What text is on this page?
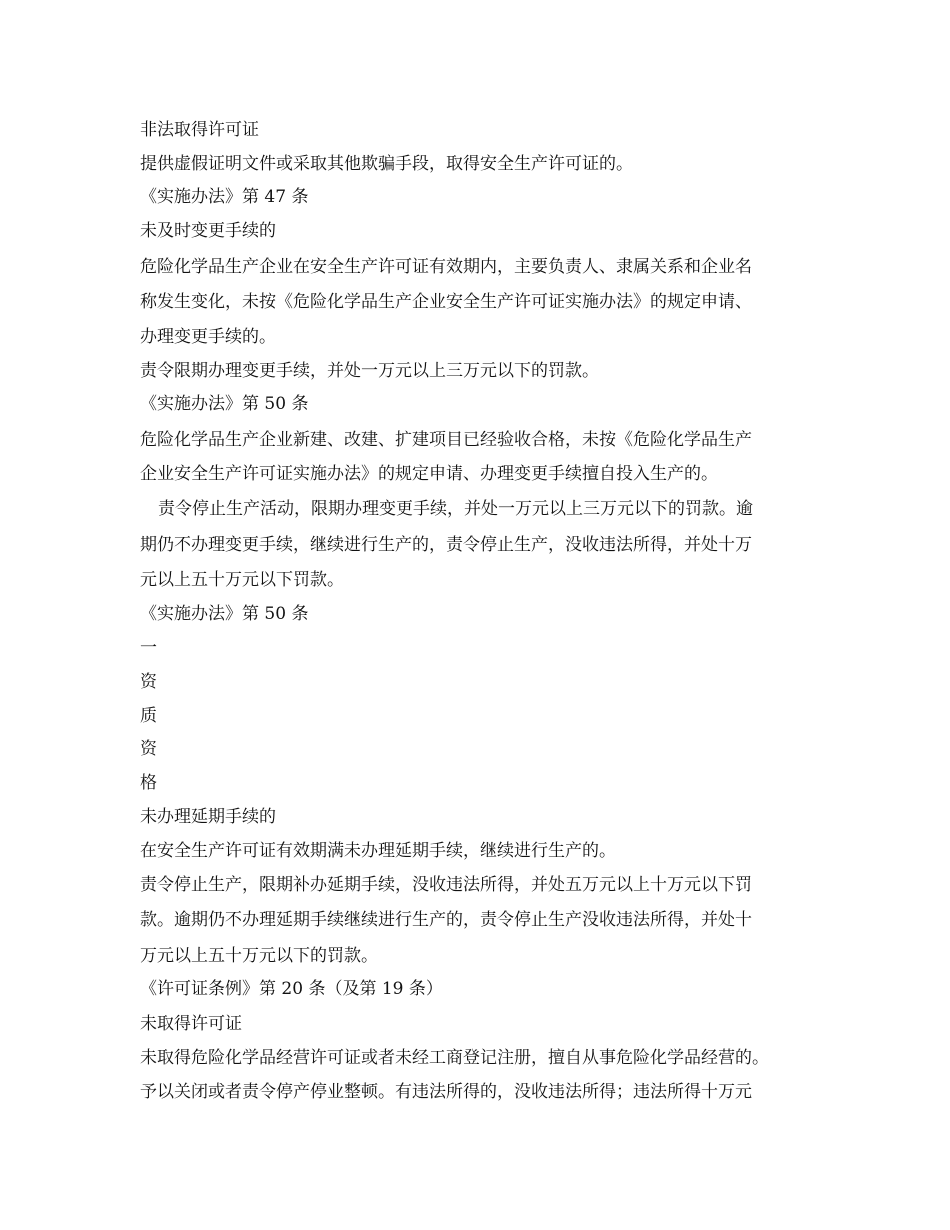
非法取得许可证
提供虚假证明文件或采取其他欺骗手段，取得安全生产许可证的。
《实施办法》第 47 条
未及时变更手续的
危险化学品生产企业在安全生产许可证有效期内，主要负责人、隶属关系和企业名
称发生变化，未按《危险化学品生产企业安全生产许可证实施办法》的规定申请、
办理变更手续的。
责令限期办理变更手续，并处一万元以上三万元以下的罚款。
《实施办法》第 50 条
危险化学品生产企业新建、改建、扩建项目已经验收合格，未按《危险化学品生产
企业安全生产许可证实施办法》的规定申请、办理变更手续擅自投入生产的。
责令停止生产活动，限期办理变更手续，并处一万元以上三万元以下的罚款。逾
期仍不办理变更手续，继续进行生产的，责令停止生产，没收违法所得，并处十万
元以上五十万元以下罚款。
《实施办法》第 50 条
一
资
质
资
格
未办理延期手续的
在安全生产许可证有效期满未办理延期手续，继续进行生产的。
责令停止生产，限期补办延期手续，没收违法所得，并处五万元以上十万元以下罚
款。逾期仍不办理延期手续继续进行生产的，责令停止生产没收违法所得，并处十
万元以上五十万元以下的罚款。
《许可证条例》第 20 条（及第 19 条）
未取得许可证
未取得危险化学品经营许可证或者未经工商登记注册，擅自从事危险化学品经营的。
予以关闭或者责令停产停业整顿。有违法所得的，没收违法所得；违法所得十万元
